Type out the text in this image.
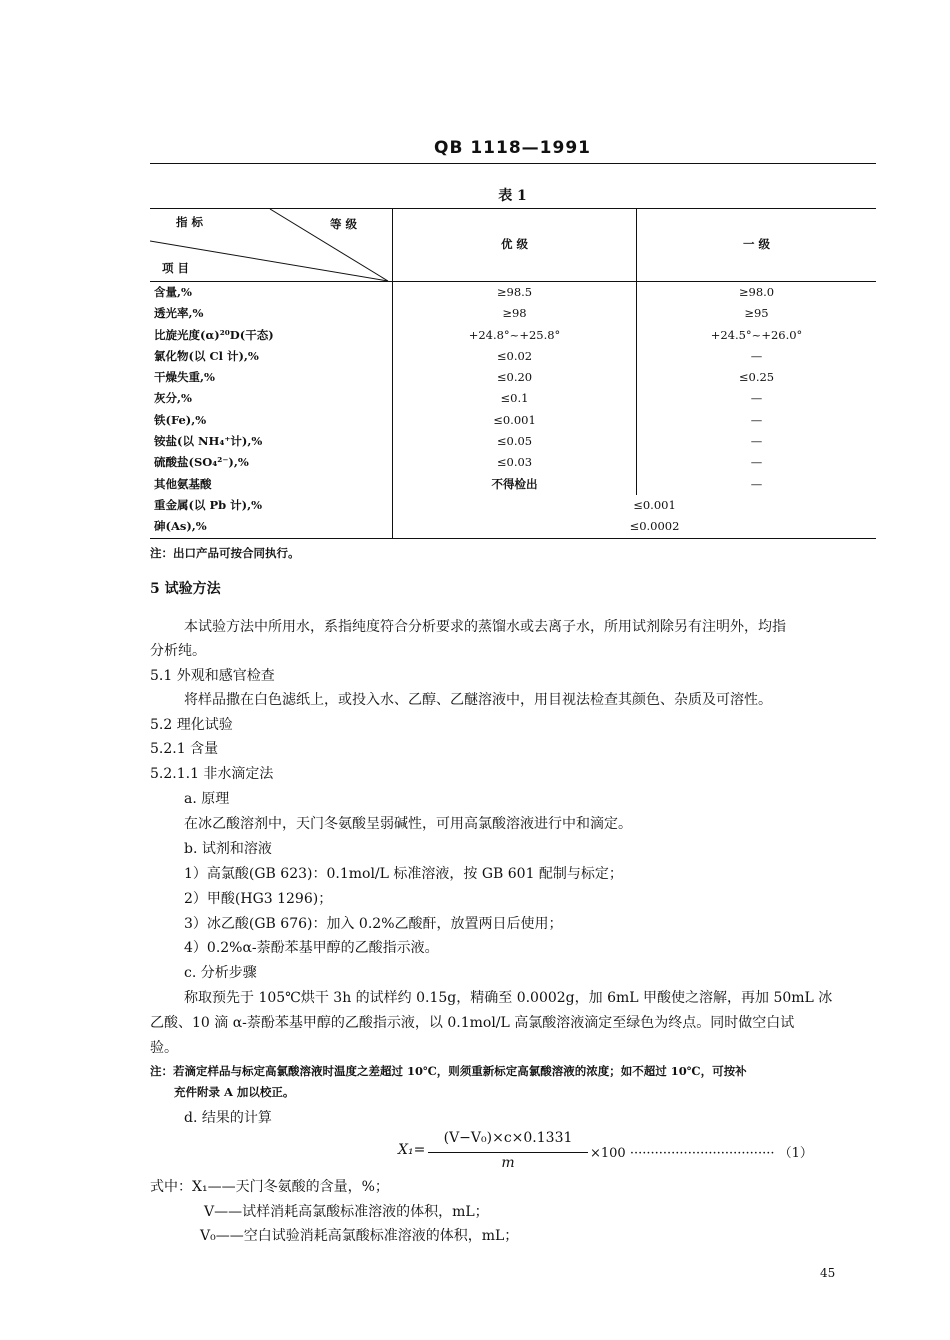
QB 1118—1991
表 1
指 标 等 级
项 目	优 级	一 级
含量,%	≥98.5	≥98.0
透光率,%	≥98	≥95
比旋光度(α)²⁰D(干态)	+24.8°~+25.8°	+24.5°~+26.0°
氯化物(以 Cl 计),%	≤0.02	—
干燥失重,%	≤0.20	≤0.25
灰分,%	≤0.1	—
铁(Fe),%	≤0.001	—
铵盐(以 NH₄⁺计),%	≤0.05	—
硫酸盐(SO₄²⁻),%	≤0.03	—
其他氨基酸	不得检出	—
重金属(以 Pb 计),%	≤0.001	
砷(As),%	≤0.0002	
注：出口产品可按合同执行。
5 试验方法
本试验方法中所用水，系指纯度符合分析要求的蒸馏水或去离子水，所用试剂除另有注明外，均指
分析纯。
5.1 外观和感官检查
将样品撒在白色滤纸上，或投入水、乙醇、乙醚溶液中，用目视法检查其颜色、杂质及可溶性。
5.2 理化试验
5.2.1 含量
5.2.1.1 非水滴定法
a. 原理
在冰乙酸溶剂中，天门冬氨酸呈弱碱性，可用高氯酸溶液进行中和滴定。
b. 试剂和溶液
1）高氯酸(GB 623)：0.1mol/L 标准溶液，按 GB 601 配制与标定；
2）甲酸(HG3 1296)；
3）冰乙酸(GB 676)：加入 0.2%乙酸酐，放置两日后使用；
4）0.2%α-萘酚苯基甲醇的乙酸指示液。
c. 分析步骤
称取预先于 105℃烘干 3h 的试样约 0.15g，精确至 0.0002g，加 6mL 甲酸使之溶解，再加 50mL 冰
乙酸、10 滴 α-萘酚苯基甲醇的乙酸指示液，以 0.1mol/L 高氯酸溶液滴定至绿色为终点。同时做空白试
验。
注：若滴定样品与标定高氯酸溶液时温度之差超过 10℃，则须重新标定高氯酸溶液的浓度；如不超过 10℃，可按补
充件附录 A 加以校正。
d. 结果的计算
X₁=
(V−V₀)×c×0.1331
m
×100 ··································· （1）
式中：X₁——天门冬氨酸的含量，%；
V——试样消耗高氯酸标准溶液的体积，mL；
V₀——空白试验消耗高氯酸标准溶液的体积，mL；
45
